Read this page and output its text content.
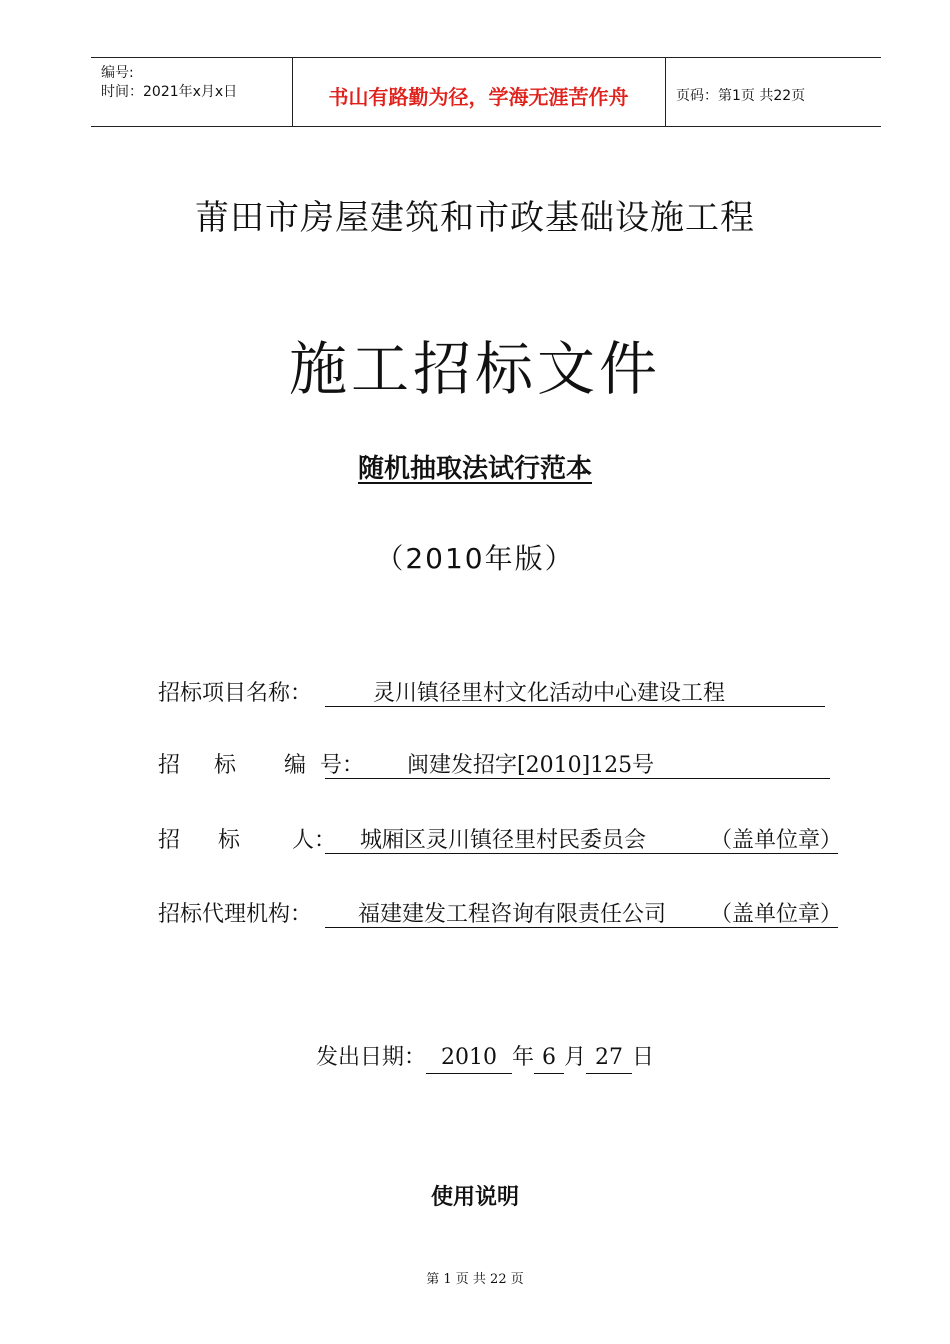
编号:
时间：2021年x月x日	书山有路勤为径，学海无涯苦作舟	页码：第1页 共22页
莆田市房屋建筑和市政基础设施工程
施工招标文件
随机抽取法试行范本
（2010年版）
招标项目名称：	灵川镇径里村文化活动中心建设工程
招 标 编 号： 闽建发招字[2010]125号
招 标 人： 城厢区灵川镇径里村民委员会	（盖单位章）
招标代理机构： 福建建发工程咨询有限责任公司 （盖单位章）
发出日期： 2010 年 6 月 27 日
使用说明
第 1 页 共 22 页
